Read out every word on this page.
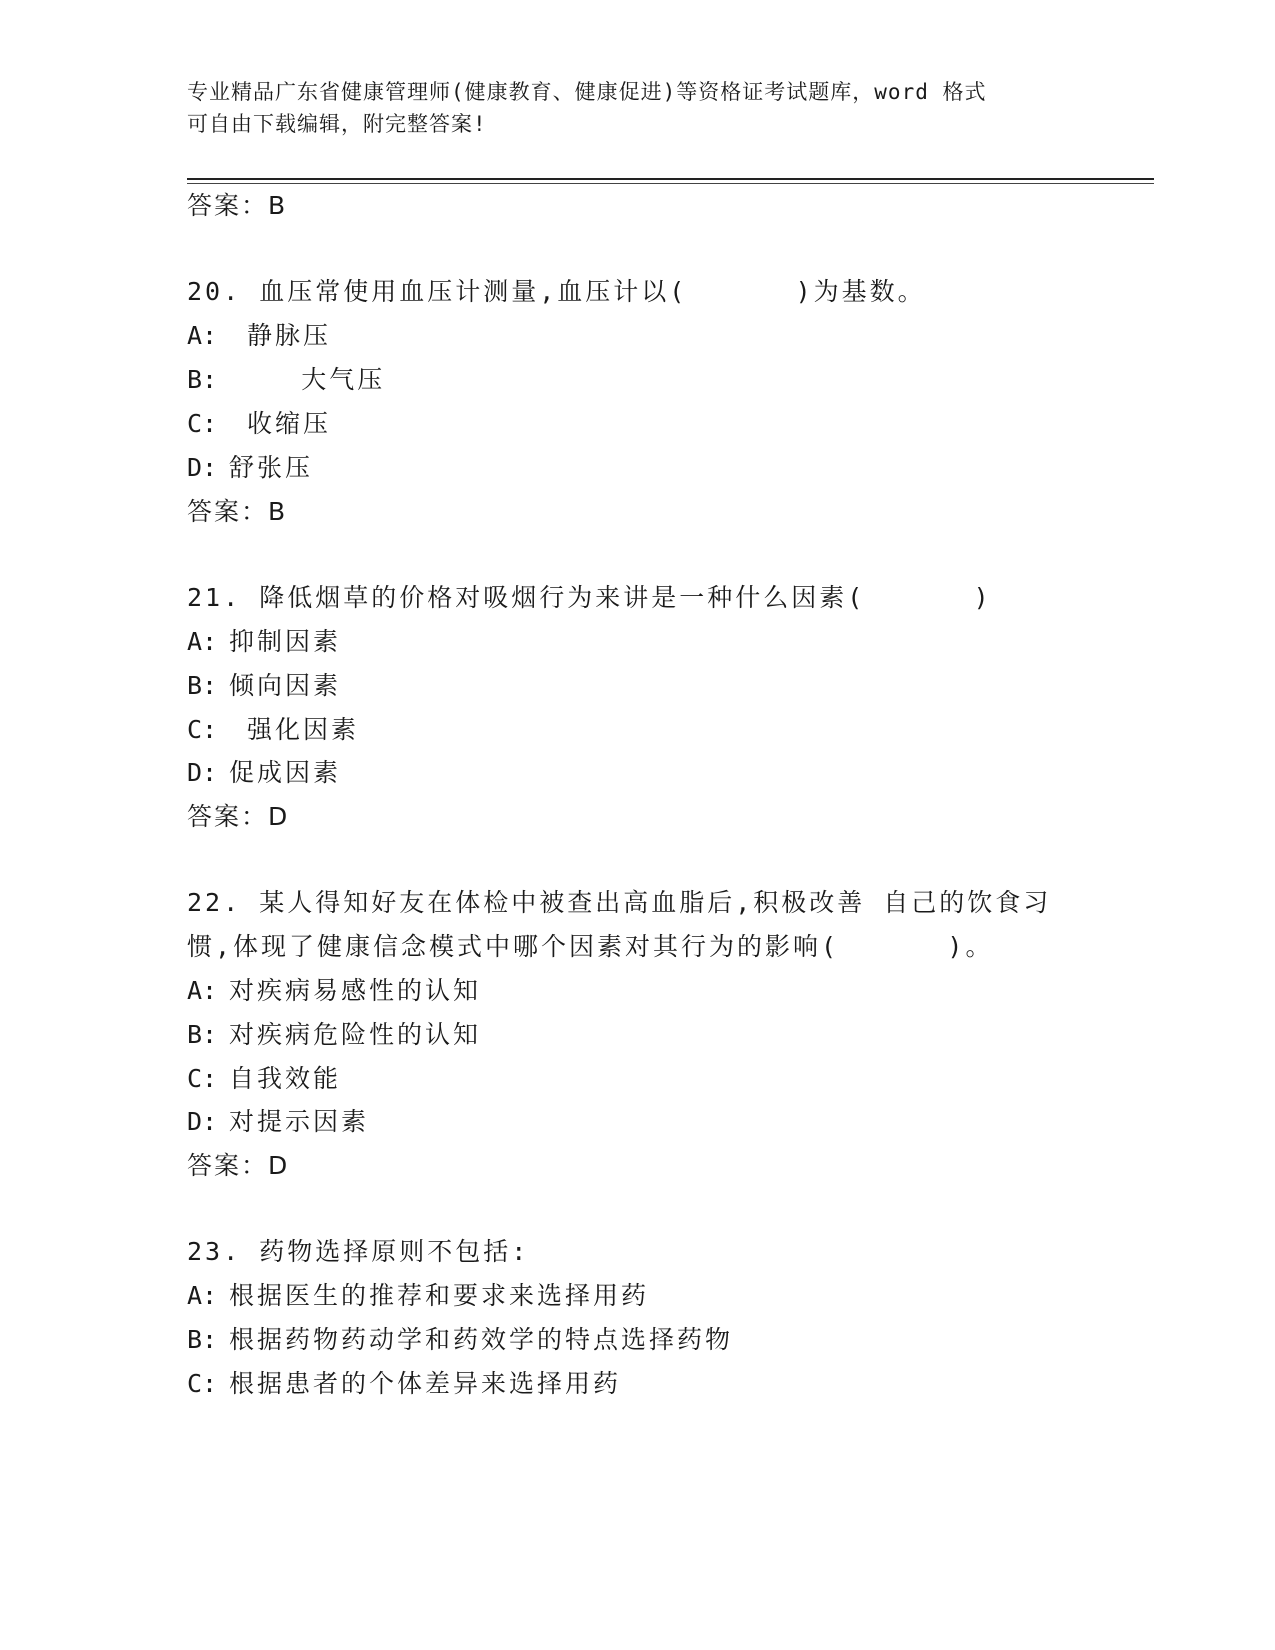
专业精品广东省健康管理师(健康教育、健康促进)等资格证考试题库，word 格式
可自由下载编辑，附完整答案!
答案：B
20. 血压常使用血压计测量,血压计以(      )为基数。
A: 静脉压
B:    大气压
C: 收缩压
D: 舒张压
答案：B
21. 降低烟草的价格对吸烟行为来讲是一种什么因素(      )
A: 抑制因素
B: 倾向因素
C: 强化因素
D: 促成因素
答案：D
22. 某人得知好友在体检中被查出高血脂后,积极改善 自己的饮食习
惯,体现了健康信念模式中哪个因素对其行为的影响(      )。
A: 对疾病易感性的认知
B: 对疾病危险性的认知
C: 自我效能
D: 对提示因素
答案：D
23. 药物选择原则不包括:
A: 根据医生的推荐和要求来选择用药
B: 根据药物药动学和药效学的特点选择药物
C: 根据患者的个体差异来选择用药
